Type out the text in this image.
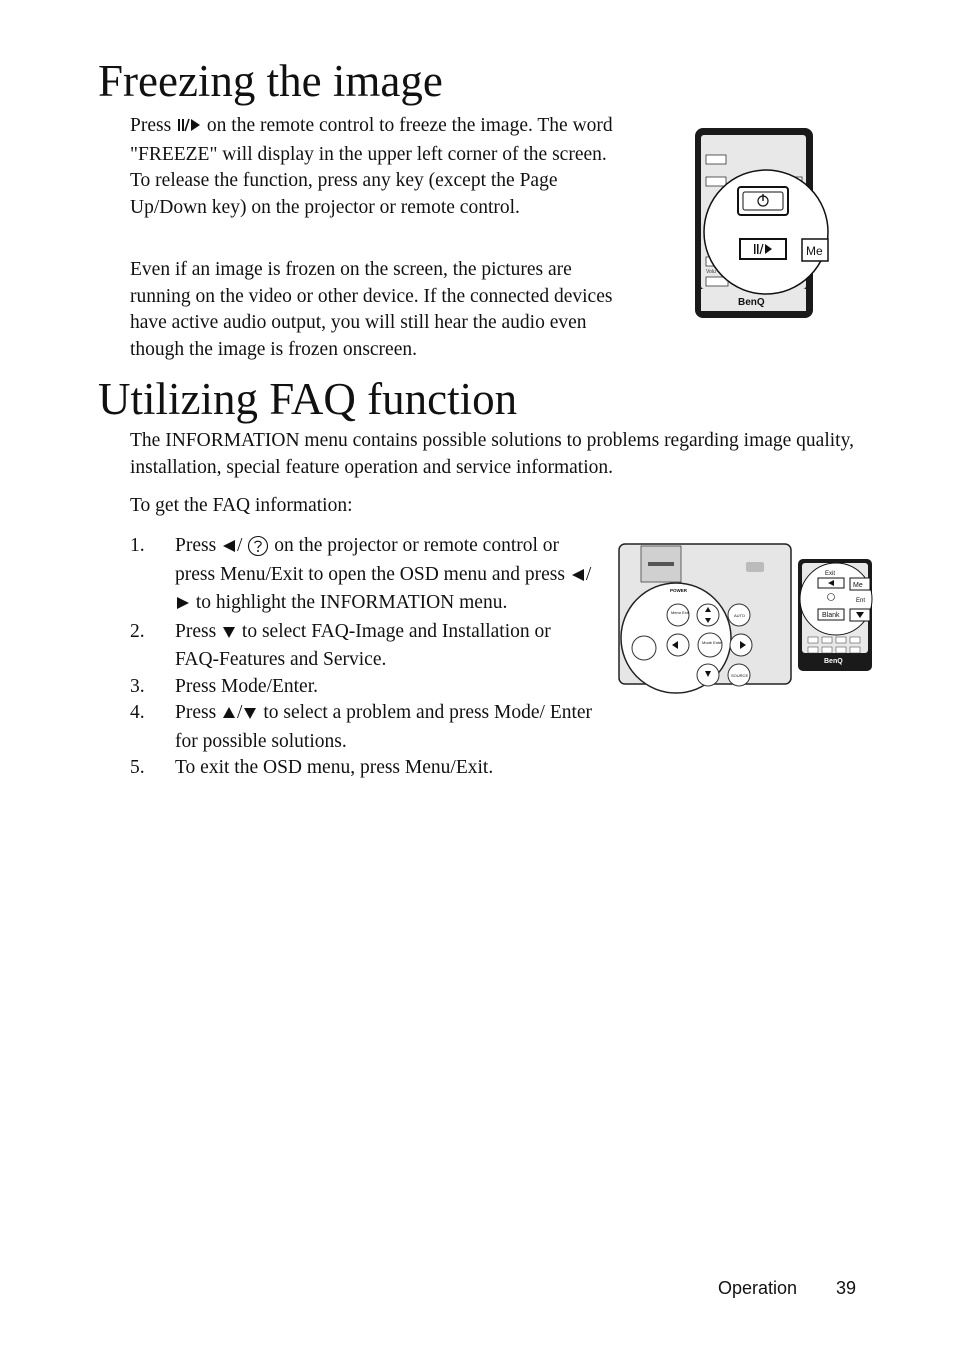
Freezing the image

Press on the remote control to freeze the image. The word "FREEZE" will display in the upper left corner of the screen. To release the function, press any key (except the Page Up/Down key) on the projector or remote control.

Even if an image is frozen on the screen, the pictures are running on the video or other device. If the connected devices have active audio output, you will still hear the audio even though the image is frozen onscreen.

Volu
BenQ
Me
Utilizing FAQ function

The INFORMATION menu contains possible solutions to problems regarding image quality, installation, special feature operation and service information.

To get the FAQ information:

1. Press / on the projector or remote control or press Menu/Exit to open the OSD menu and press / to highlight the INFORMATION menu.
2. Press to select FAQ-Image and Installation or FAQ-Features and Service.
3. Press Mode/Enter.
4. Press / to select a problem and press Mode/ Enter for possible solutions.
5. To exit the OSD menu, press Menu/Exit.
POWER
Menu Exit
AUTO
Mode Enter
SOURCE
BenQ
Exit
Me
Ent
Blank
Operation 39
